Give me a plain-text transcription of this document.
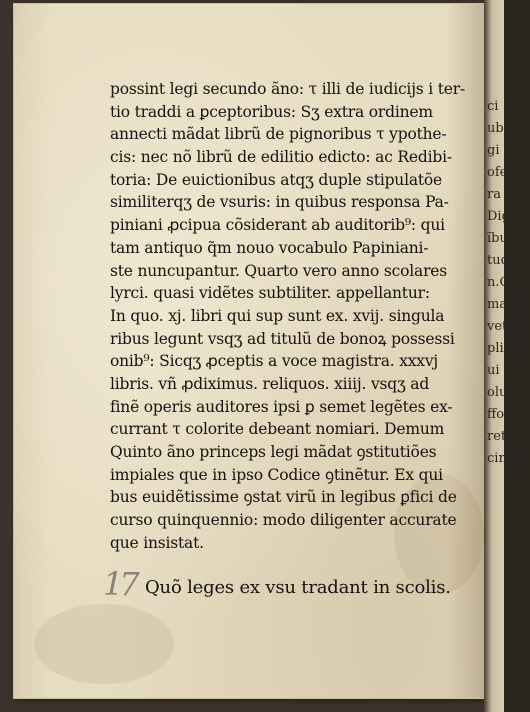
possint legi secundo ãno: τ illi de iudicijs i ter-
tio traddi a ꝑceptoribus: Sʒ extra ordinem
annecti mãdat librũ de pignoribus τ ypothe-
cis: nec nõ librũ de edilitio edicto: ac Redibi-
toria: De euictionibus atqʒ duple stipulatõe
similiterqʒ de vsuris: in quibus responsa Pa-
piniani ꝓcipua cõsiderant ab auditorib⁹: qui
tam antiquo q̃m nouo vocabulo Papiniani-
ste nuncupantur. Quarto vero anno scolares
lyrci. quasi vidẽtes subtiliter. appellantur:
In quo. xj. libri qui sup sunt ex. xvij. singula
ribus legunt vsqʒ ad titulũ de bonoꝝ possessi
onib⁹: Sicqʒ ꝓceptis a voce magistra. xxxvj
libris. vñ ꝓdiximus. reliquos. xiiij. vsqʒ ad
finẽ operis auditores ipsi ꝑ semet legẽtes ex-
currant τ colorite debeant nomiari. Demum
Quinto ãno princeps legi mãdat ꝯstitutiões
impiales que in ipso Codice ꝯtinẽtur. Ex qui
bus euidẽtissime ꝯstat virũ in legibus ꝑfici de
curso quinquennio: modo diligenter accurate
que insistat.
17 Quõ leges ex vsu tradant in scolis.
ci
ub
gi
ofes
ra
Dige
ĩbu
tudi
n.Co
mas le
vetere
plicu
ui d
olun
fforn
ret.
cinci
